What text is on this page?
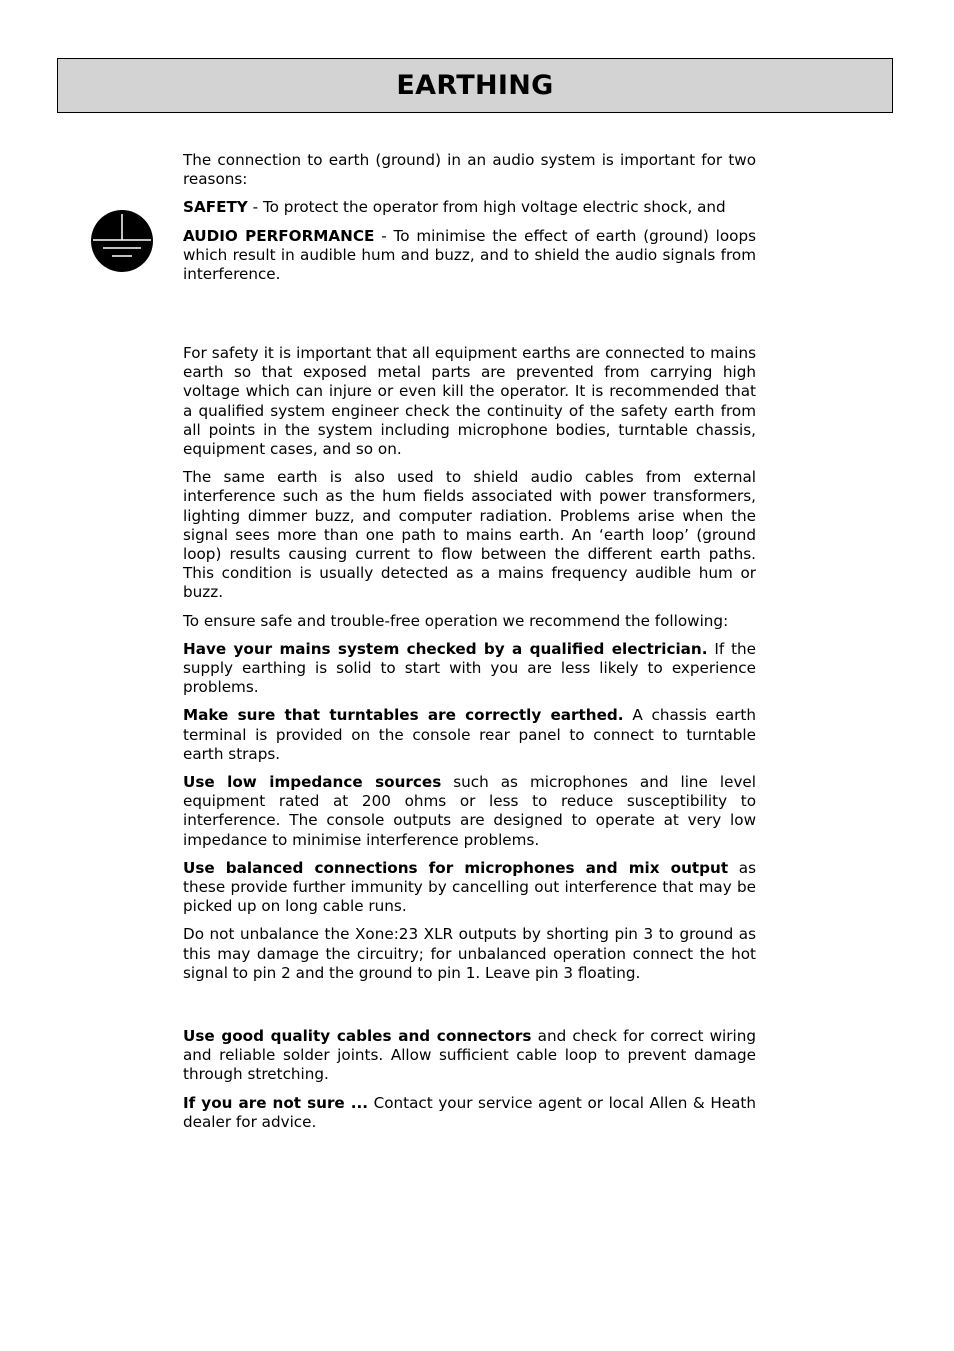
EARTHING

The connection to earth (ground) in an audio system is important for two reasons:

SAFETY - To protect the operator from high voltage electric shock, and

AUDIO PERFORMANCE - To minimise the effect of earth (ground) loops which result in audible hum and buzz, and to shield the audio signals from interference.

For safety it is important that all equipment earths are connected to mains earth so that exposed metal parts are prevented from carrying high voltage which can injure or even kill the operator. It is recommended that a qualified system engineer check the continuity of the safety earth from all points in the system including microphone bodies, turntable chassis, equipment cases, and so on.

The same earth is also used to shield audio cables from external interference such as the hum fields associated with power transformers, lighting dimmer buzz, and computer radiation. Problems arise when the signal sees more than one path to mains earth. An ‘earth loop’ (ground loop) results causing current to flow between the different earth paths. This condition is usually detected as a mains frequency audible hum or buzz.

To ensure safe and trouble-free operation we recommend the following:

Have your mains system checked by a qualified electrician. If the supply earthing is solid to start with you are less likely to experience problems.

Make sure that turntables are correctly earthed. A chassis earth terminal is provided on the console rear panel to connect to turntable earth straps.

Use low impedance sources such as microphones and line level equipment rated at 200 ohms or less to reduce susceptibility to interference. The console outputs are designed to operate at very low impedance to minimise interference problems.

Use balanced connections for microphones and mix output as these provide further immunity by cancelling out interference that may be picked up on long cable runs.

Do not unbalance the Xone:23 XLR outputs by shorting pin 3 to ground as this may damage the circuitry; for unbalanced operation connect the hot signal to pin 2 and the ground to pin 1. Leave pin 3 floating.

Use good quality cables and connectors and check for correct wiring and reliable solder joints. Allow sufficient cable loop to prevent damage through stretching.

If you are not sure ... Contact your service agent or local Allen & Heath dealer for advice.
